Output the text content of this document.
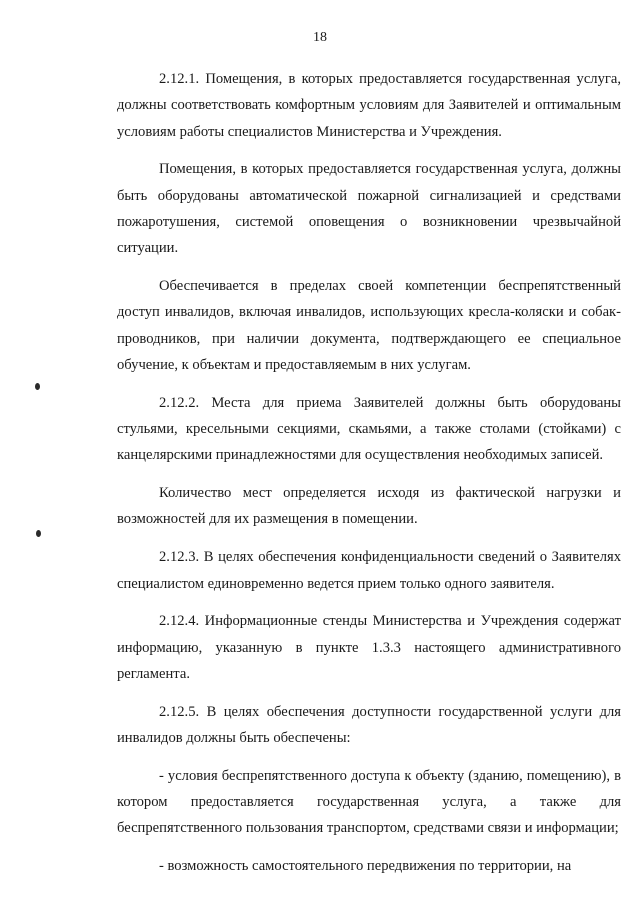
18

2.12.1. Помещения, в которых предоставляется государственная услуга, должны соответствовать комфортным условиям для Заявителей и оптимальным условиям работы специалистов Министерства и Учреждения.

Помещения, в которых предоставляется государственная услуга, должны быть оборудованы автоматической пожарной сигнализацией и средствами пожаротушения, системой оповещения о возникновении чрезвычайной ситуации.

Обеспечивается в пределах своей компетенции беспрепятственный доступ инвалидов, включая инвалидов, использующих кресла-коляски и собак-проводников, при наличии документа, подтверждающего ее специальное обучение, к объектам и предоставляемым в них услугам.

2.12.2. Места для приема Заявителей должны быть оборудованы стульями, кресельными секциями, скамьями, а также столами (стойками) с канцелярскими принадлежностями для осуществления необходимых записей.

Количество мест определяется исходя из фактической нагрузки и возможностей для их размещения в помещении.

2.12.3. В целях обеспечения конфиденциальности сведений о Заявителях специалистом единовременно ведется прием только одного заявителя.

2.12.4. Информационные стенды Министерства и Учреждения содержат информацию, указанную в пункте 1.3.3 настоящего административного регламента.

2.12.5. В целях обеспечения доступности государственной услуги для инвалидов должны быть обеспечены:

- условия беспрепятственного доступа к объекту (зданию, помещению), в котором предоставляется государственная услуга, а также для беспрепятственного пользования транспортом, средствами связи и информации;

- возможность самостоятельного передвижения по территории, на
